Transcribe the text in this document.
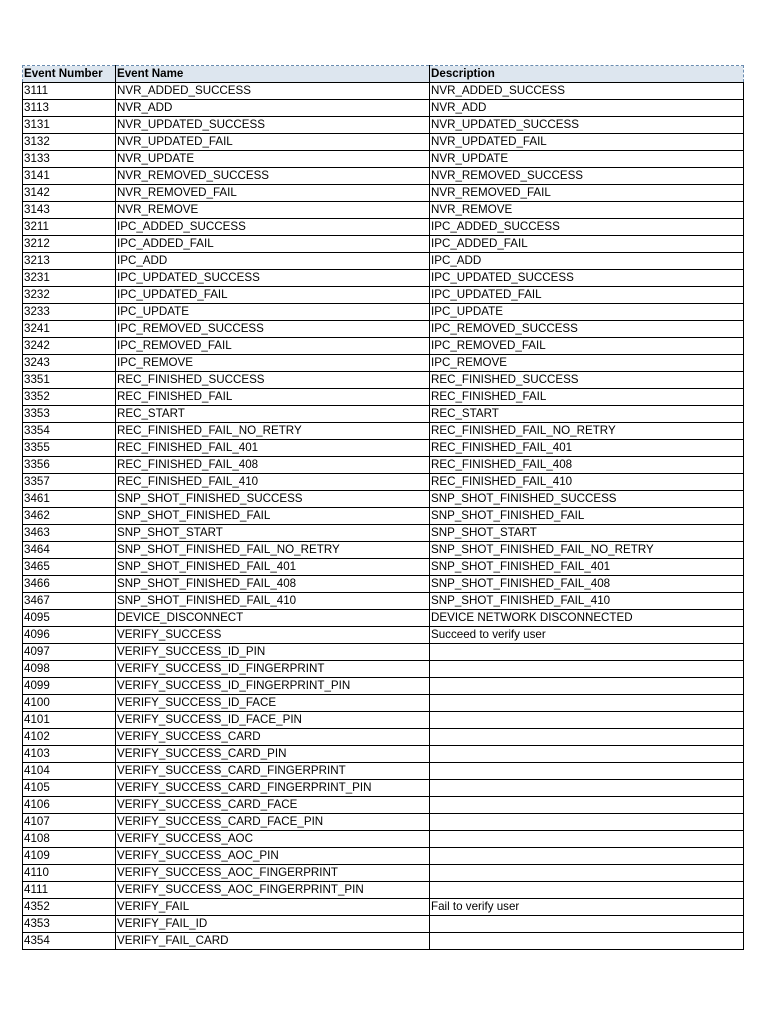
Event Number	Event Name	Description
3111	NVR_ADDED_SUCCESS	NVR_ADDED_SUCCESS
3113	NVR_ADD	NVR_ADD
3131	NVR_UPDATED_SUCCESS	NVR_UPDATED_SUCCESS
3132	NVR_UPDATED_FAIL	NVR_UPDATED_FAIL
3133	NVR_UPDATE	NVR_UPDATE
3141	NVR_REMOVED_SUCCESS	NVR_REMOVED_SUCCESS
3142	NVR_REMOVED_FAIL	NVR_REMOVED_FAIL
3143	NVR_REMOVE	NVR_REMOVE
3211	IPC_ADDED_SUCCESS	IPC_ADDED_SUCCESS
3212	IPC_ADDED_FAIL	IPC_ADDED_FAIL
3213	IPC_ADD	IPC_ADD
3231	IPC_UPDATED_SUCCESS	IPC_UPDATED_SUCCESS
3232	IPC_UPDATED_FAIL	IPC_UPDATED_FAIL
3233	IPC_UPDATE	IPC_UPDATE
3241	IPC_REMOVED_SUCCESS	IPC_REMOVED_SUCCESS
3242	IPC_REMOVED_FAIL	IPC_REMOVED_FAIL
3243	IPC_REMOVE	IPC_REMOVE
3351	REC_FINISHED_SUCCESS	REC_FINISHED_SUCCESS
3352	REC_FINISHED_FAIL	REC_FINISHED_FAIL
3353	REC_START	REC_START
3354	REC_FINISHED_FAIL_NO_RETRY	REC_FINISHED_FAIL_NO_RETRY
3355	REC_FINISHED_FAIL_401	REC_FINISHED_FAIL_401
3356	REC_FINISHED_FAIL_408	REC_FINISHED_FAIL_408
3357	REC_FINISHED_FAIL_410	REC_FINISHED_FAIL_410
3461	SNP_SHOT_FINISHED_SUCCESS	SNP_SHOT_FINISHED_SUCCESS
3462	SNP_SHOT_FINISHED_FAIL	SNP_SHOT_FINISHED_FAIL
3463	SNP_SHOT_START	SNP_SHOT_START
3464	SNP_SHOT_FINISHED_FAIL_NO_RETRY	SNP_SHOT_FINISHED_FAIL_NO_RETRY
3465	SNP_SHOT_FINISHED_FAIL_401	SNP_SHOT_FINISHED_FAIL_401
3466	SNP_SHOT_FINISHED_FAIL_408	SNP_SHOT_FINISHED_FAIL_408
3467	SNP_SHOT_FINISHED_FAIL_410	SNP_SHOT_FINISHED_FAIL_410
4095	DEVICE_DISCONNECT	DEVICE NETWORK DISCONNECTED
4096	VERIFY_SUCCESS	Succeed to verify user
4097	VERIFY_SUCCESS_ID_PIN	
4098	VERIFY_SUCCESS_ID_FINGERPRINT	
4099	VERIFY_SUCCESS_ID_FINGERPRINT_PIN	
4100	VERIFY_SUCCESS_ID_FACE	
4101	VERIFY_SUCCESS_ID_FACE_PIN	
4102	VERIFY_SUCCESS_CARD	
4103	VERIFY_SUCCESS_CARD_PIN	
4104	VERIFY_SUCCESS_CARD_FINGERPRINT	
4105	VERIFY_SUCCESS_CARD_FINGERPRINT_PIN	
4106	VERIFY_SUCCESS_CARD_FACE	
4107	VERIFY_SUCCESS_CARD_FACE_PIN	
4108	VERIFY_SUCCESS_AOC	
4109	VERIFY_SUCCESS_AOC_PIN	
4110	VERIFY_SUCCESS_AOC_FINGERPRINT	
4111	VERIFY_SUCCESS_AOC_FINGERPRINT_PIN	
4352	VERIFY_FAIL	Fail to verify user
4353	VERIFY_FAIL_ID	
4354	VERIFY_FAIL_CARD	
